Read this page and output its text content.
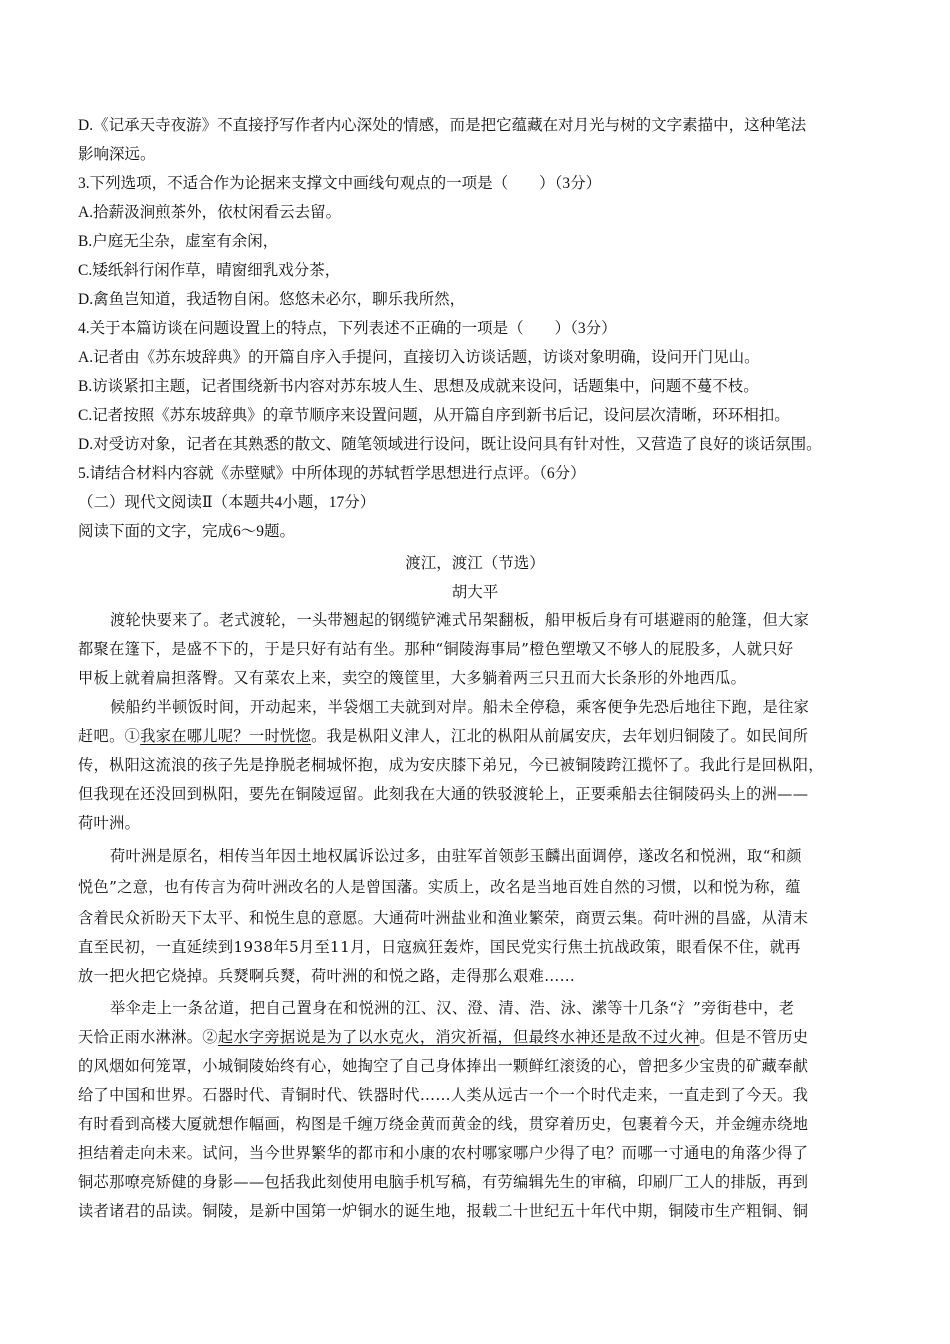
D.《记承天寺夜游》不直接抒写作者内心深处的情感，而是把它蕴藏在对月光与树的文字素描中，这种笔法
影响深远。
3.下列选项，不适合作为论据来支撑文中画线句观点的一项是（　　）（3分）
A.拾薪汲涧煎茶外，依杖闲看云去留。
B.户庭无尘杂，虚室有余闲，
C.矮纸斜行闲作草，晴窗细乳戏分茶，
D.禽鱼岂知道，我适物自闲。悠悠未必尔，聊乐我所然，
4.关于本篇访谈在问题设置上的特点，下列表述不正确的一项是（　　）（3分）
A.记者由《苏东坡辞典》的开篇自序入手提问，直接切入访谈话题，访谈对象明确，设问开门见山。
B.访谈紧扣主题，记者围绕新书内容对苏东坡人生、思想及成就来设问，话题集中，问题不蔓不枝。
C.记者按照《苏东坡辞典》的章节顺序来设置问题，从开篇自序到新书后记，设问层次清晰，环环相扣。
D.对受访对象，记者在其熟悉的散文、随笔领域进行设问，既让设问具有针对性，又营造了良好的谈话氛围。
5.请结合材料内容就《赤壁赋》中所体现的苏轼哲学思想进行点评。（6分）
（二）现代文阅读Ⅱ（本题共4小题，17分）
阅读下面的文字，完成6～9题。
渡江，渡江（节选）
胡大平
渡轮快要来了。老式渡轮，一头带翘起的钢缆铲滩式吊架翻板，船甲板后身有可堪避雨的舱篷，但大家
都聚在篷下，是盛不下的，于是只好有站有坐。那种“铜陵海事局”橙色塑墩又不够人的屁股多，人就只好
甲板上就着扁担落臀。又有菜农上来，卖空的篾筐里，大多躺着两三只丑而大长条形的外地西瓜。
候船约半顿饭时间，开动起来，半袋烟工夫就到对岸。船未全停稳，乘客便争先恐后地往下跑，是往家
赶吧。①我家在哪儿呢？一时恍惚。我是枞阳义津人，江北的枞阳从前属安庆，去年划归铜陵了。如民间所
传，枞阳这流浪的孩子先是挣脱老桐城怀抱，成为安庆膝下弟兄，今已被铜陵跨江揽怀了。我此行是回枞阳，
但我现在还没回到枞阳，要先在铜陵逗留。此刻我在大通的铁驳渡轮上，正要乘船去往铜陵码头上的洲——
荷叶洲。
荷叶洲是原名，相传当年因土地权属诉讼过多，由驻军首领彭玉麟出面调停，遂改名和悦洲，取“和颜
悦色”之意，也有传言为荷叶洲改名的人是曾国藩。实质上，改名是当地百姓自然的习惯，以和悦为称，蕴
含着民众祈盼天下太平、和悦生息的意愿。大通荷叶洲盐业和渔业繁荣，商贾云集。荷叶洲的昌盛，从清末
直至民初，一直延续到1938年5月至11月，日寇疯狂轰炸，国民党实行焦土抗战政策，眼看保不住，就再
放一把火把它烧掉。兵燹啊兵燹，荷叶洲的和悦之路，走得那么艰难……
举伞走上一条岔道，把自己置身在和悦洲的江、汉、澄、清、浩、泳、潆等十几条“氵”旁街巷中，老
天恰正雨水淋淋。②起水字旁据说是为了以水克火，消灾祈福，但最终水神还是敌不过火神。但是不管历史
的风烟如何笼罩，小城铜陵始终有心，她掏空了自己身体捧出一颗鲜红滚烫的心，曾把多少宝贵的矿藏奉献
给了中国和世界。石器时代、青铜时代、铁器时代……人类从远古一个一个时代走来，一直走到了今天。我
有时看到高楼大厦就想作幅画，构图是千缠万绕金黄而黄金的线，贯穿着历史，包裹着今天，并金缠赤绕地
担结着走向未来。试问，当今世界繁华的都市和小康的农村哪家哪户少得了电？而哪一寸通电的角落少得了
铜芯那嘹亮矫健的身影——包括我此刻使用电脑手机写稿，有劳编辑先生的审稿，印刷厂工人的排版，再到
读者诸君的品读。铜陵，是新中国第一炉铜水的诞生地，报载二十世纪五十年代中期，铜陵市生产粗铜、铜
